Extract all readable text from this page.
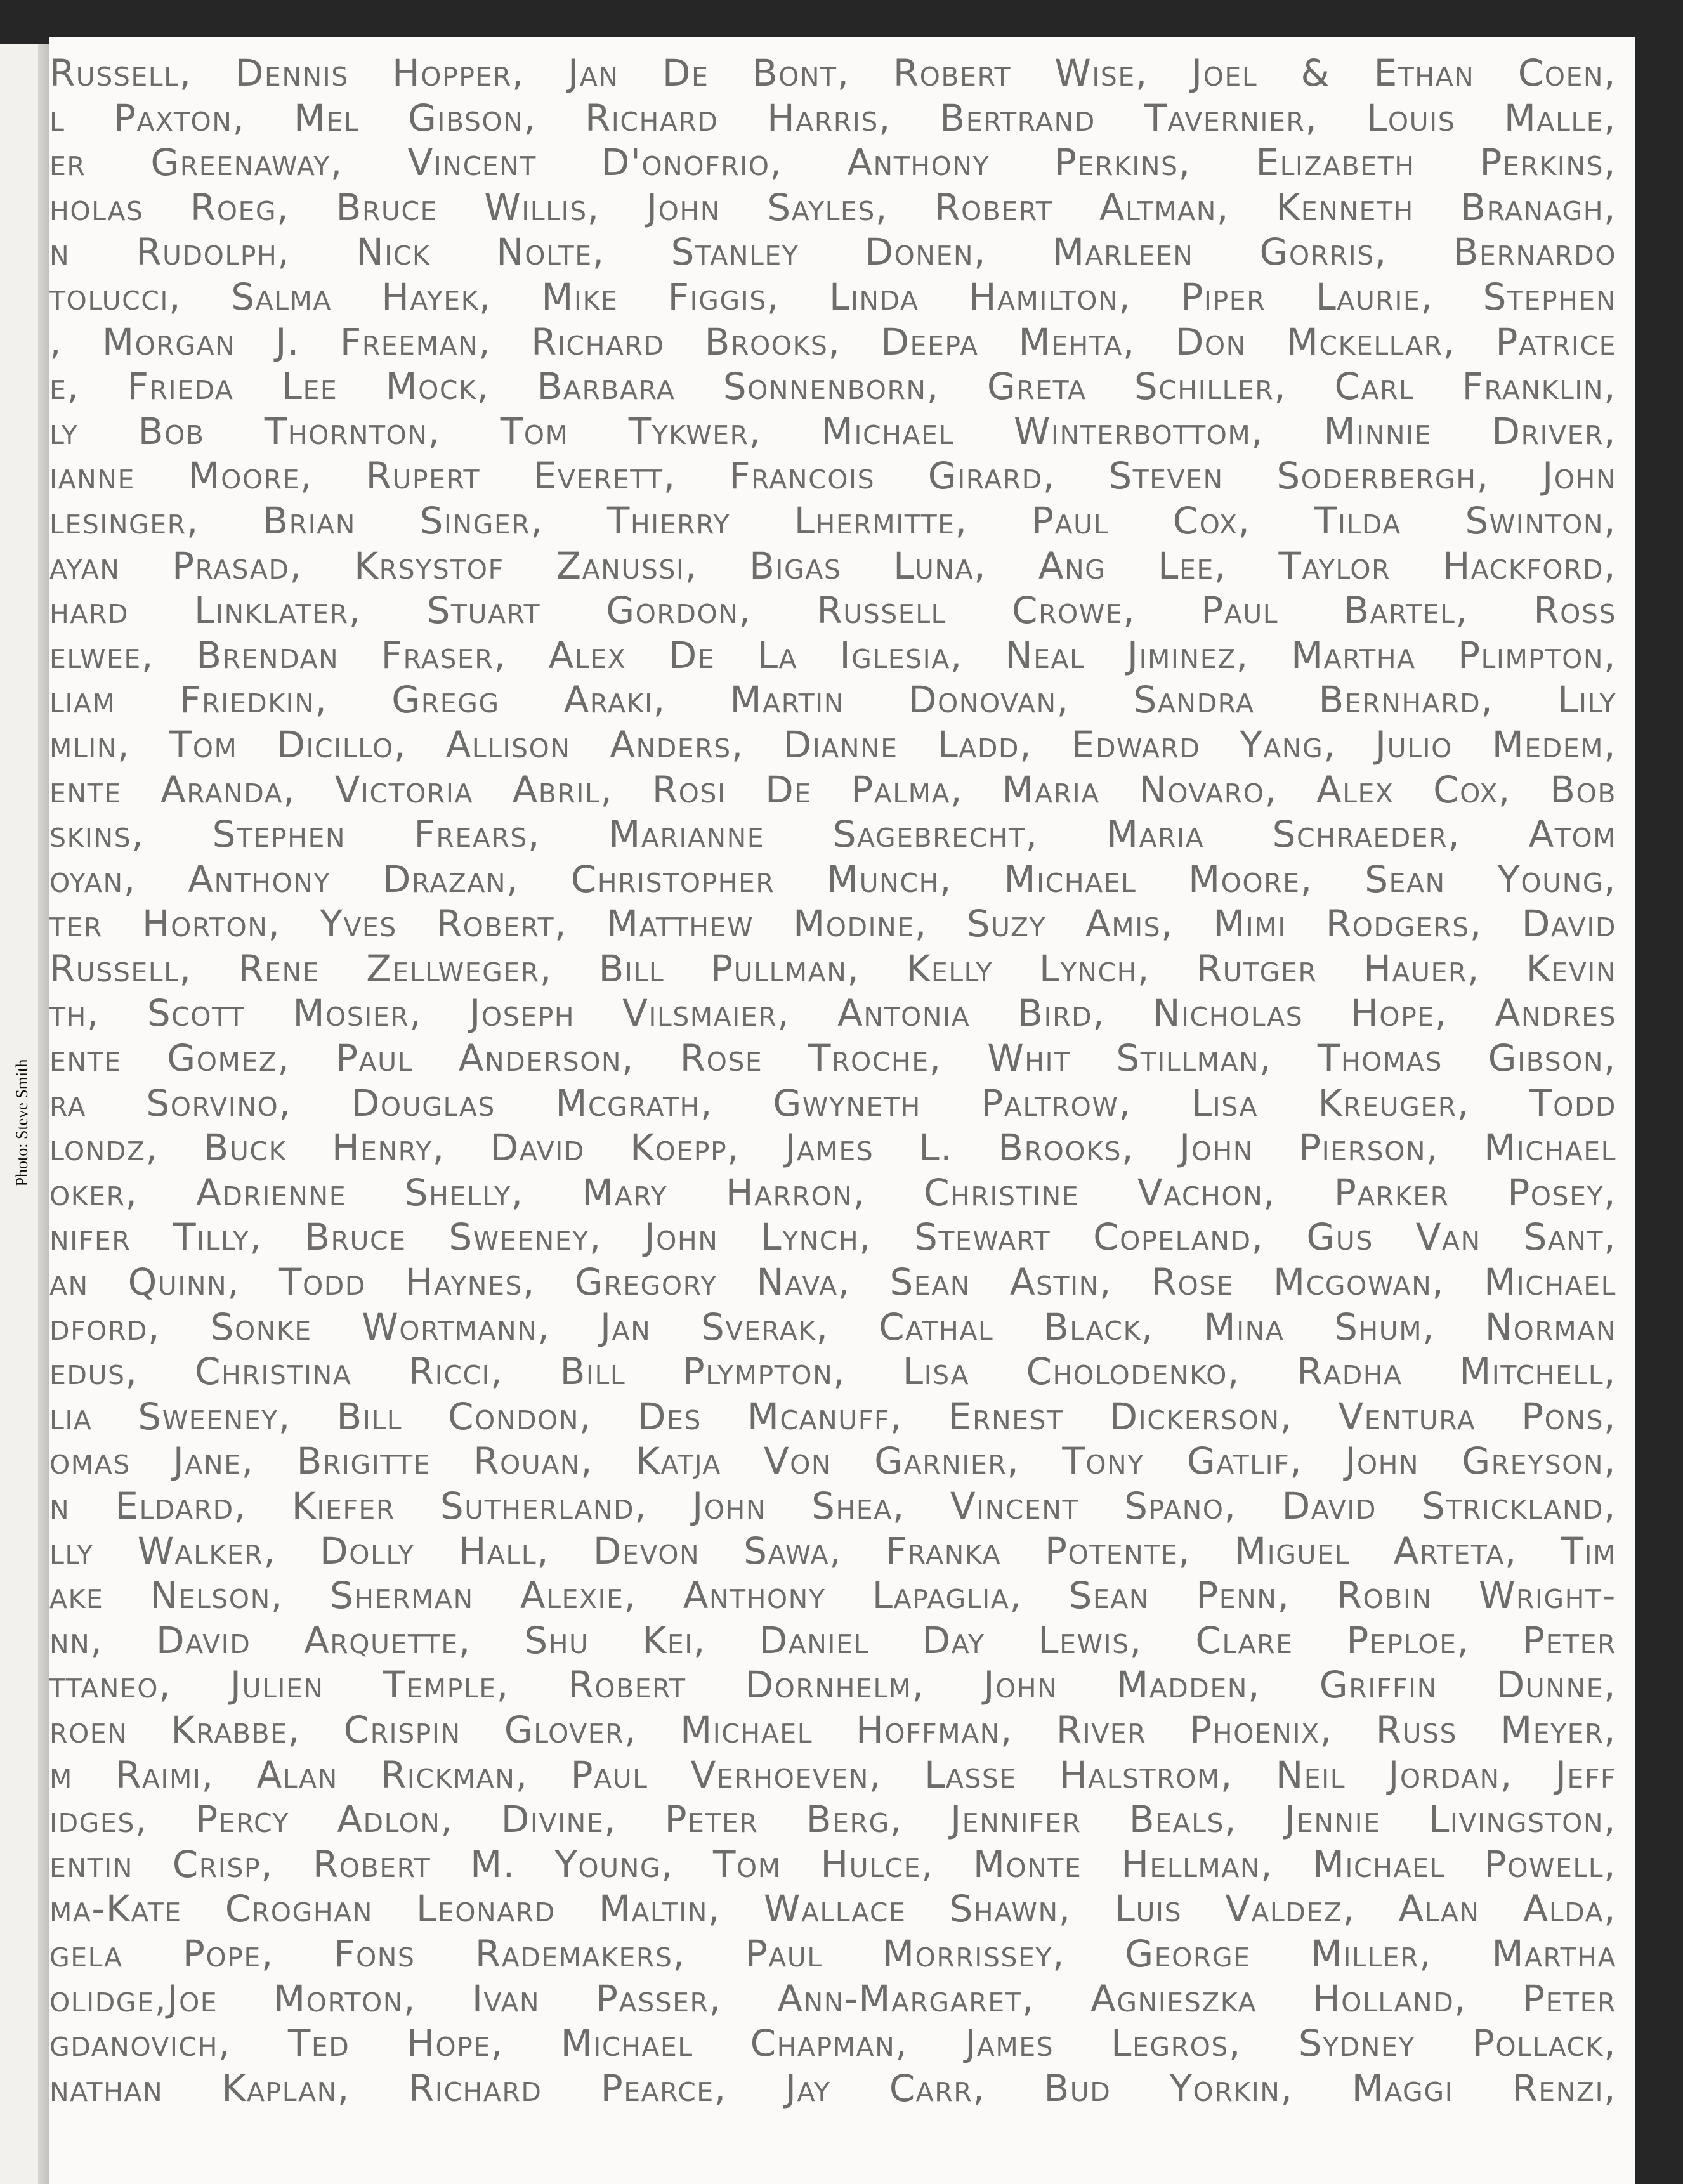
Photo: Steve Smith
Russell, Dennis Hopper, Jan De Bont, Robert Wise, Joel & Ethan Coen,
l Paxton, Mel Gibson, Richard Harris, Bertrand Tavernier, Louis Malle,
er Greenaway, Vincent D'onofrio, Anthony Perkins, Elizabeth Perkins,
holas Roeg, Bruce Willis, John Sayles, Robert Altman, Kenneth Branagh,
n Rudolph, Nick Nolte, Stanley Donen, Marleen Gorris, Bernardo
tolucci, Salma Hayek, Mike Figgis, Linda Hamilton, Piper Laurie, Stephen
, Morgan J. Freeman, Richard Brooks, Deepa Mehta, Don Mckellar, Patrice
e, Frieda Lee Mock, Barbara Sonnenborn, Greta Schiller, Carl Franklin,
ly Bob Thornton, Tom Tykwer, Michael Winterbottom, Minnie Driver,
ianne Moore, Rupert Everett, Francois Girard, Steven Soderbergh, John
lesinger, Brian Singer, Thierry Lhermitte, Paul Cox, Tilda Swinton,
ayan Prasad, Krsystof Zanussi, Bigas Luna, Ang Lee, Taylor Hackford,
hard Linklater, Stuart Gordon, Russell Crowe, Paul Bartel, Ross
elwee, Brendan Fraser, Alex De La Iglesia, Neal Jiminez, Martha Plimpton,
liam Friedkin, Gregg Araki, Martin Donovan, Sandra Bernhard, Lily
mlin, Tom Dicillo, Allison Anders, Dianne Ladd, Edward Yang, Julio Medem,
ente Aranda, Victoria Abril, Rosi De Palma, Maria Novaro, Alex Cox, Bob
skins, Stephen Frears, Marianne Sagebrecht, Maria Schraeder, Atom
oyan, Anthony Drazan, Christopher Munch, Michael Moore, Sean Young,
ter Horton, Yves Robert, Matthew Modine, Suzy Amis, Mimi Rodgers, David
Russell, Rene Zellweger, Bill Pullman, Kelly Lynch, Rutger Hauer, Kevin
th, Scott Mosier, Joseph Vilsmaier, Antonia Bird, Nicholas Hope, Andres
ente Gomez, Paul Anderson, Rose Troche, Whit Stillman, Thomas Gibson,
ra Sorvino, Douglas Mcgrath, Gwyneth Paltrow, Lisa Kreuger, Todd
londz, Buck Henry, David Koepp, James L. Brooks, John Pierson, Michael
oker, Adrienne Shelly, Mary Harron, Christine Vachon, Parker Posey,
nifer Tilly, Bruce Sweeney, John Lynch, Stewart Copeland, Gus Van Sant,
an Quinn, Todd Haynes, Gregory Nava, Sean Astin, Rose Mcgowan, Michael
dford, Sonke Wortmann, Jan Sverak, Cathal Black, Mina Shum, Norman
edus, Christina Ricci, Bill Plympton, Lisa Cholodenko, Radha Mitchell,
lia Sweeney, Bill Condon, Des Mcanuff, Ernest Dickerson, Ventura Pons,
omas Jane, Brigitte Rouan, Katja Von Garnier, Tony Gatlif, John Greyson,
n Eldard, Kiefer Sutherland, John Shea, Vincent Spano, David Strickland,
lly Walker, Dolly Hall, Devon Sawa, Franka Potente, Miguel Arteta, Tim
ake Nelson, Sherman Alexie, Anthony Lapaglia, Sean Penn, Robin Wright-
nn, David Arquette, Shu Kei, Daniel Day Lewis, Clare Peploe, Peter
ttaneo, Julien Temple, Robert Dornhelm, John Madden, Griffin Dunne,
roen Krabbe, Crispin Glover, Michael Hoffman, River Phoenix, Russ Meyer,
m Raimi, Alan Rickman, Paul Verhoeven, Lasse Halstrom, Neil Jordan, Jeff
idges, Percy Adlon, Divine, Peter Berg, Jennifer Beals, Jennie Livingston,
entin Crisp, Robert M. Young, Tom Hulce, Monte Hellman, Michael Powell,
ma-Kate Croghan Leonard Maltin, Wallace Shawn, Luis Valdez, Alan Alda,
gela Pope, Fons Rademakers, Paul Morrissey, George Miller, Martha
olidge,Joe Morton, Ivan Passer, Ann-Margaret, Agnieszka Holland, Peter
gdanovich, Ted Hope, Michael Chapman, James Legros, Sydney Pollack,
nathan Kaplan, Richard Pearce, Jay Carr, Bud Yorkin, Maggi Renzi,
